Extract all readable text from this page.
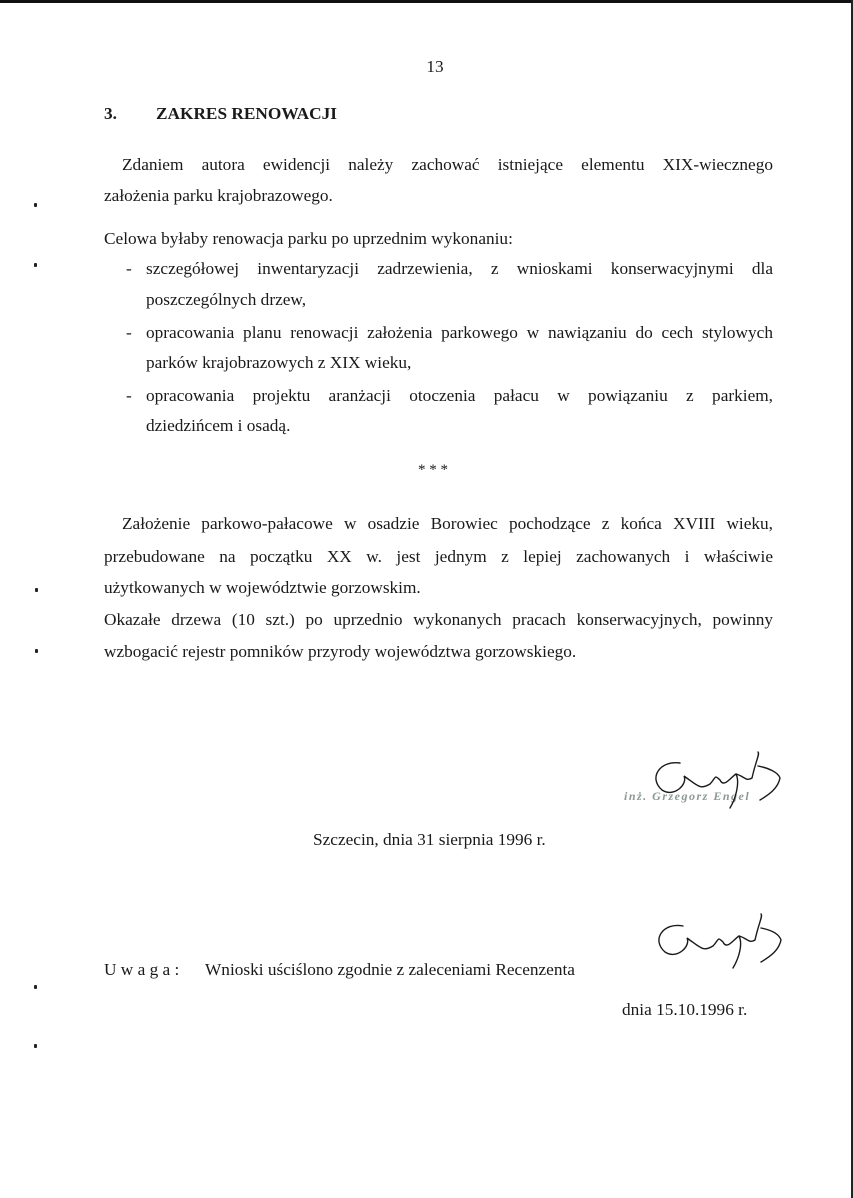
13
3. ZAKRES RENOWACJI
Zdaniem autora ewidencji należy zachować istniejące elementu XIX-wiecznego
założenia parku krajobrazowego.
Celowa byłaby renowacja parku po uprzednim wykonaniu:
- szczegółowej inwentaryzacji zadrzewienia, z wnioskami konserwacyjnymi dla
poszczególnych drzew,
- opracowania planu renowacji założenia parkowego w nawiązaniu do cech stylowych
parków krajobrazowych z XIX wieku,
- opracowania projektu aranżacji otoczenia pałacu w powiązaniu z parkiem,
dziedzińcem i osadą.
* * *
Założenie parkowo-pałacowe w osadzie Borowiec pochodzące z końca XVIII wieku,
przebudowane na początku XX w. jest jednym z lepiej zachowanych i właściwie
użytkowanych w województwie gorzowskim.
Okazałe drzewa (10 szt.) po uprzednio wykonanych pracach konserwacyjnych, powinny
wzbogacić rejestr pomników przyrody województwa gorzowskiego.
inż. Grzegorz Engel
Szczecin, dnia 31 sierpnia 1996 r.
U w a g a : Wnioski uściślono zgodnie z zaleceniami Recenzenta
dnia 15.10.1996 r.
